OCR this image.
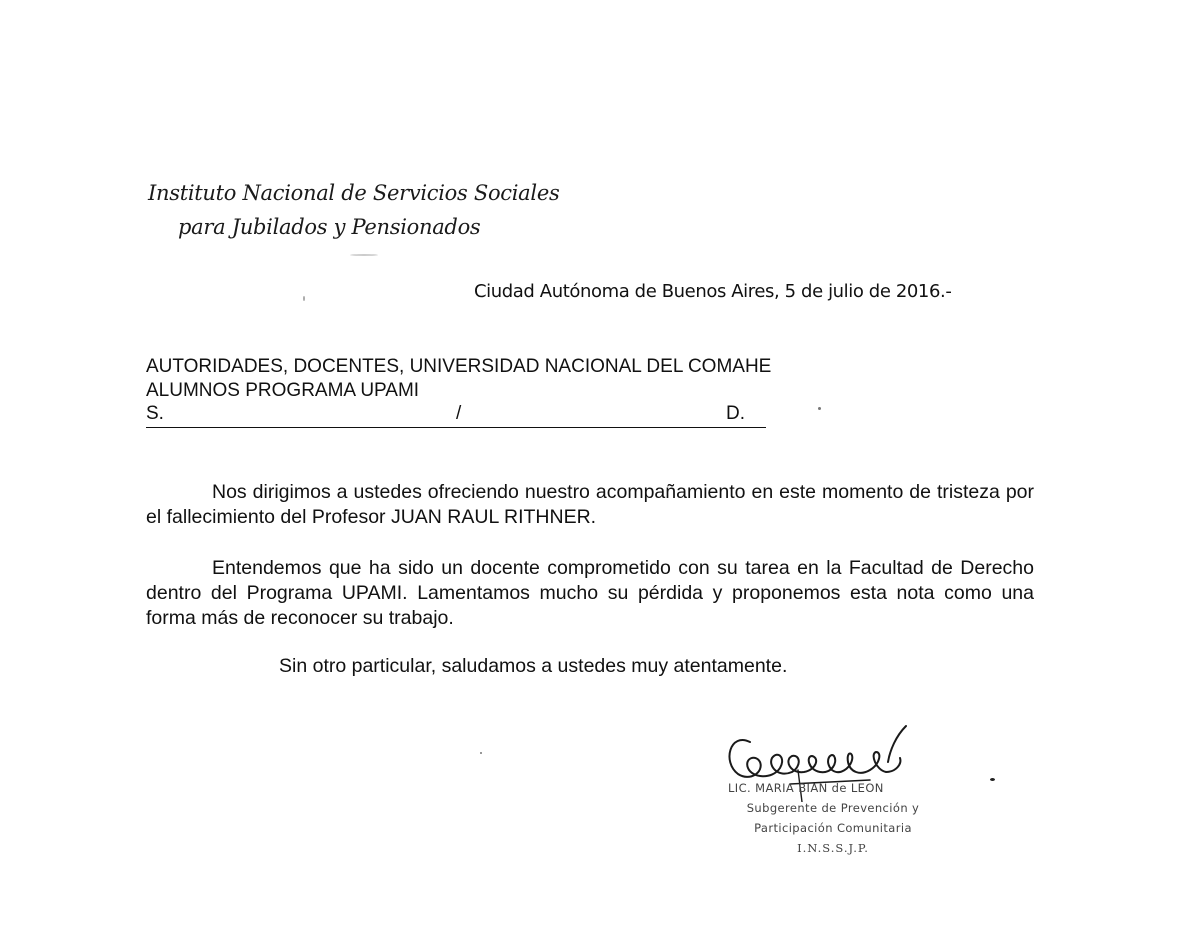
Instituto Nacional de Servicios Sociales
para Jubilados y Pensionados
Ciudad Autónoma de Buenos Aires, 5 de julio de 2016.-
AUTORIDADES, DOCENTES, UNIVERSIDAD NACIONAL DEL COMAHE
ALUMNOS PROGRAMA UPAMI
S.	/	D.
Nos dirigimos a ustedes ofreciendo nuestro acompañamiento en este momento de tristeza por el fallecimiento del Profesor JUAN RAUL RITHNER.
Entendemos que ha sido un docente comprometido con su tarea en la Facultad de Derecho dentro del Programa UPAMI. Lamentamos mucho su pérdida y proponemos esta nota como una forma más de reconocer su trabajo.
Sin otro particular, saludamos a ustedes muy atentamente.
LIC. MARIA BIAN de LEON
Subgerente de Prevención y
Participación Comunitaria
I.N.S.S.J.P.
